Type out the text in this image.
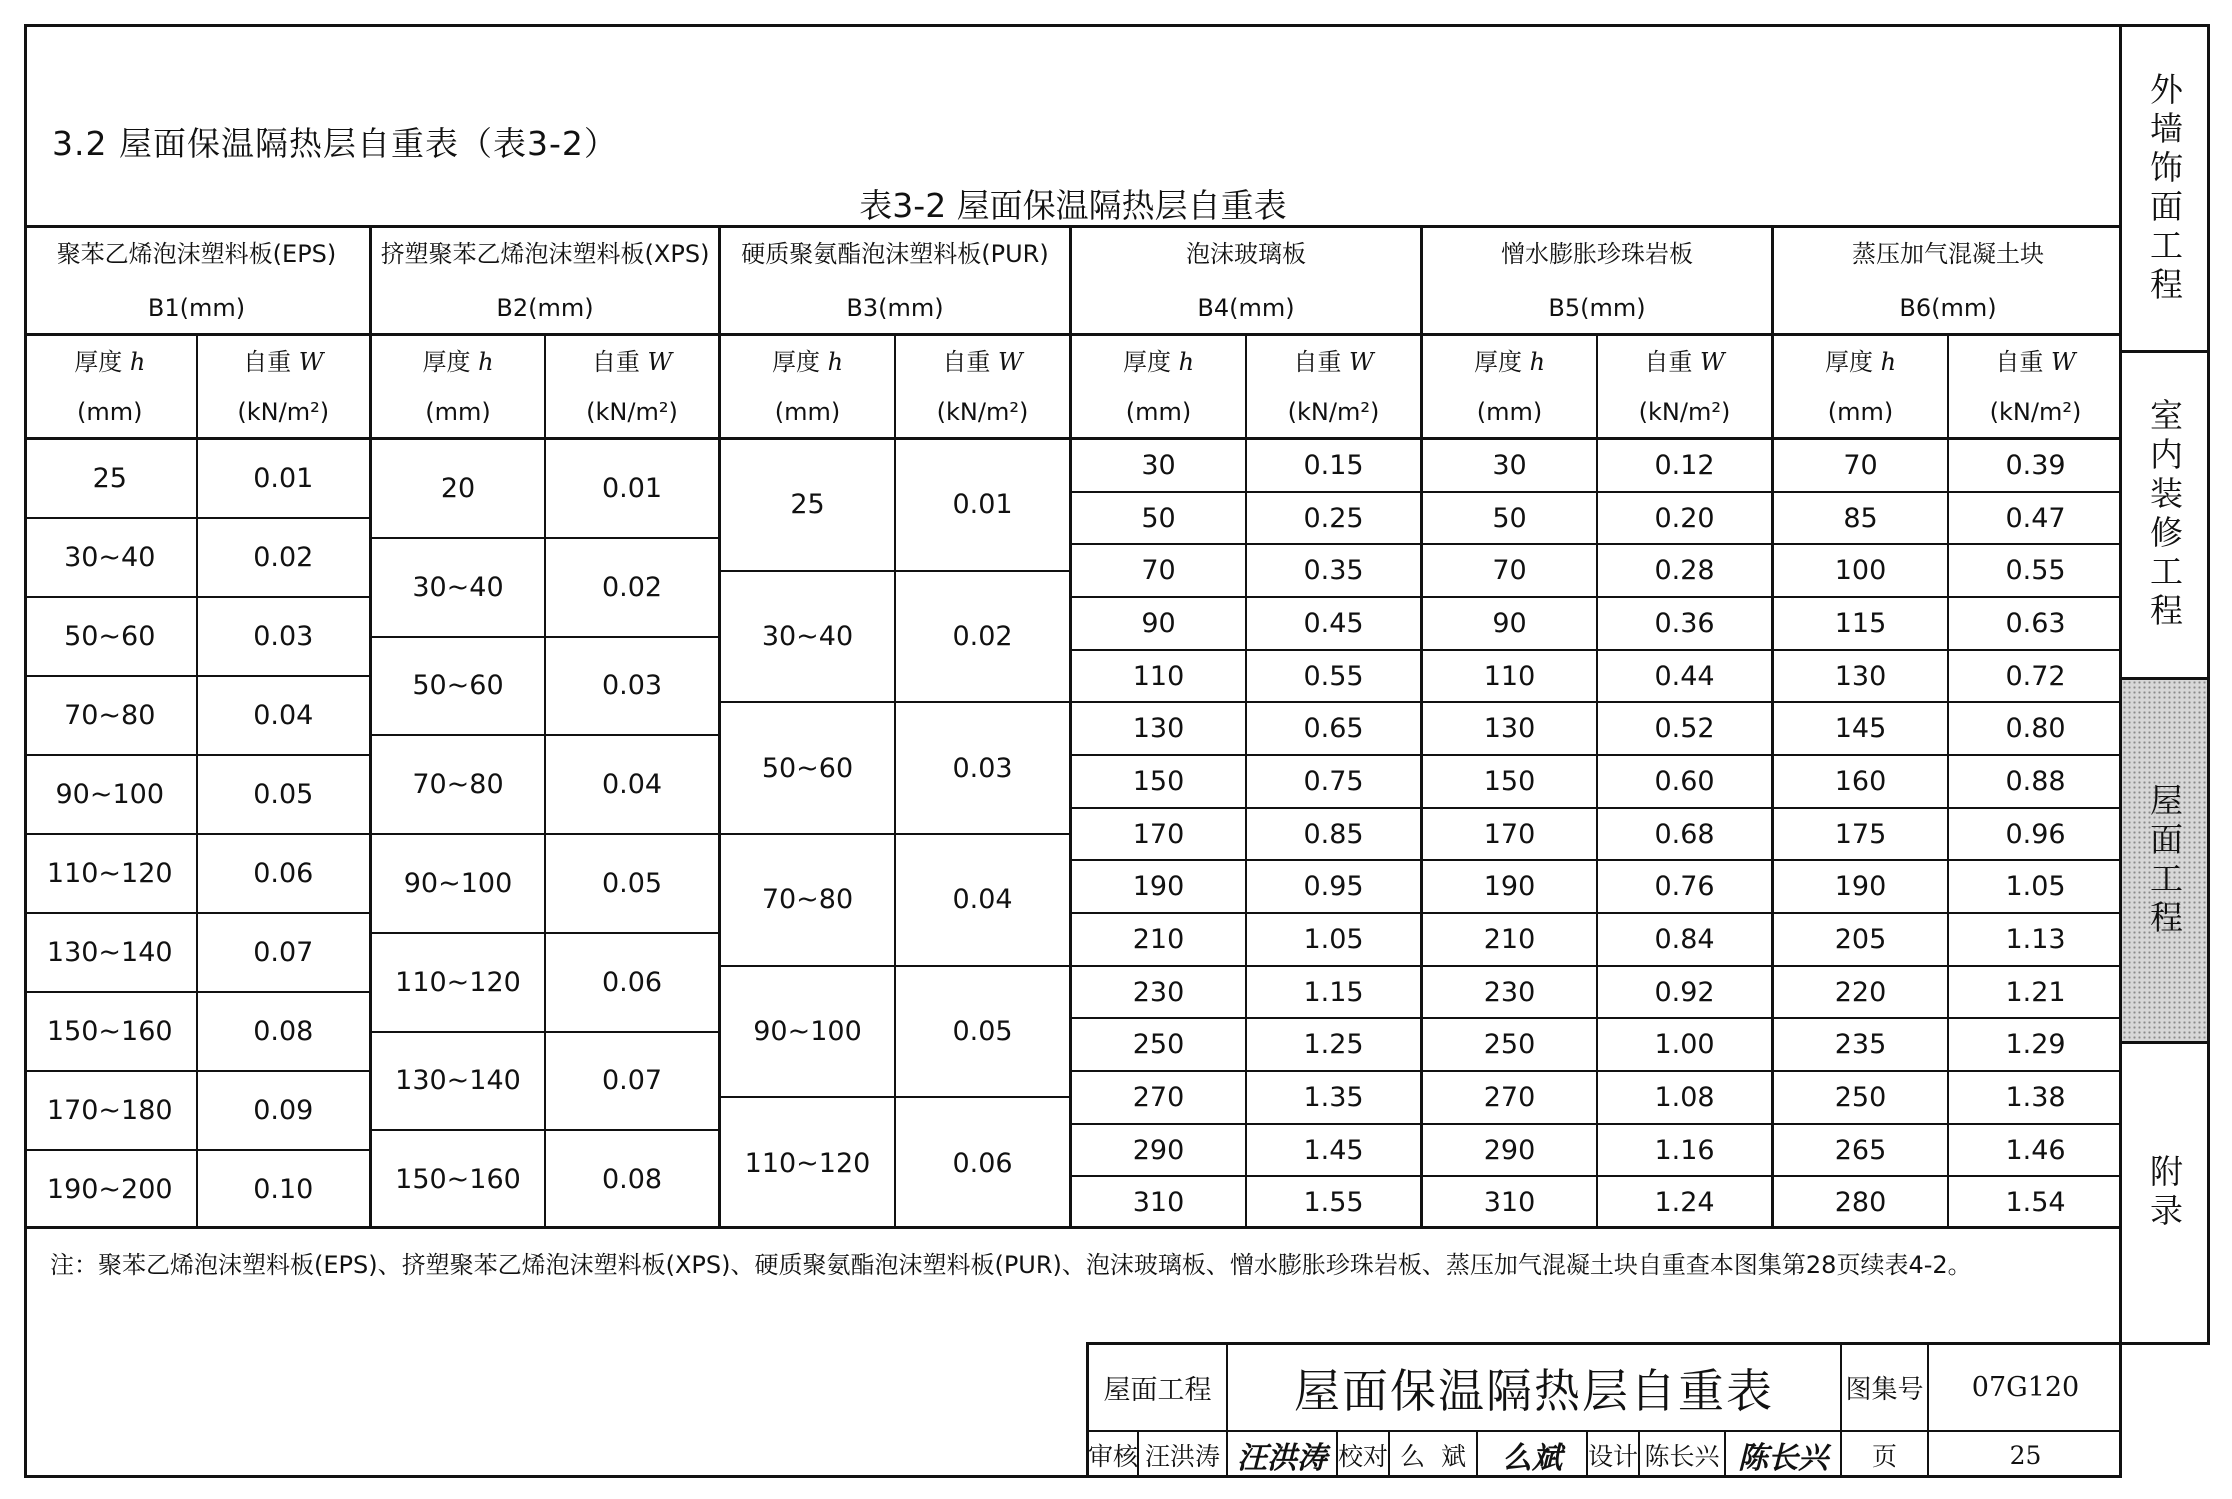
3.2 屋面保温隔热层自重表（表3-2）
表3-2 屋面保温隔热层自重表
聚苯乙烯泡沫塑料板(EPS)
B1(mm)
厚度 h
(mm)
自重 W
(kN/m²)
25	0.01
30~40	0.02
50~60	0.03
70~80	0.04
90~100	0.05
110~120	0.06
130~140	0.07
150~160	0.08
170~180	0.09
190~200	0.10
挤塑聚苯乙烯泡沫塑料板(XPS)
B2(mm)
厚度 h
(mm)
自重 W
(kN/m²)
20	0.01
30~40	0.02
50~60	0.03
70~80	0.04
90~100	0.05
110~120	0.06
130~140	0.07
150~160	0.08
硬质聚氨酯泡沫塑料板(PUR)
B3(mm)
厚度 h
(mm)
自重 W
(kN/m²)
25	0.01
30~40	0.02
50~60	0.03
70~80	0.04
90~100	0.05
110~120	0.06
泡沫玻璃板
B4(mm)
厚度 h
(mm)
自重 W
(kN/m²)
30	0.15
50	0.25
70	0.35
90	0.45
110	0.55
130	0.65
150	0.75
170	0.85
190	0.95
210	1.05
230	1.15
250	1.25
270	1.35
290	1.45
310	1.55
憎水膨胀珍珠岩板
B5(mm)
厚度 h
(mm)
自重 W
(kN/m²)
30	0.12
50	0.20
70	0.28
90	0.36
110	0.44
130	0.52
150	0.60
170	0.68
190	0.76
210	0.84
230	0.92
250	1.00
270	1.08
290	1.16
310	1.24
蒸压加气混凝土块
B6(mm)
厚度 h
(mm)
自重 W
(kN/m²)
70	0.39
85	0.47
100	0.55
115	0.63
130	0.72
145	0.80
160	0.88
175	0.96
190	1.05
205	1.13
220	1.21
235	1.29
250	1.38
265	1.46
280	1.54
注：聚苯乙烯泡沫塑料板(EPS)、挤塑聚苯乙烯泡沫塑料板(XPS)、硬质聚氨酯泡沫塑料板(PUR)、泡沫玻璃板、憎水膨胀珍珠岩板、蒸压加气混凝土块自重查本图集第28页续表4-2。
屋面工程	屋面保温隔热层自重表	图集号	07G120
审核 汪洪涛 汪洪涛 校对 么  斌	么斌	设计 陈长兴 陈长兴	页	25
外墙饰面工程
室内装修工程
屋面工程
附录
